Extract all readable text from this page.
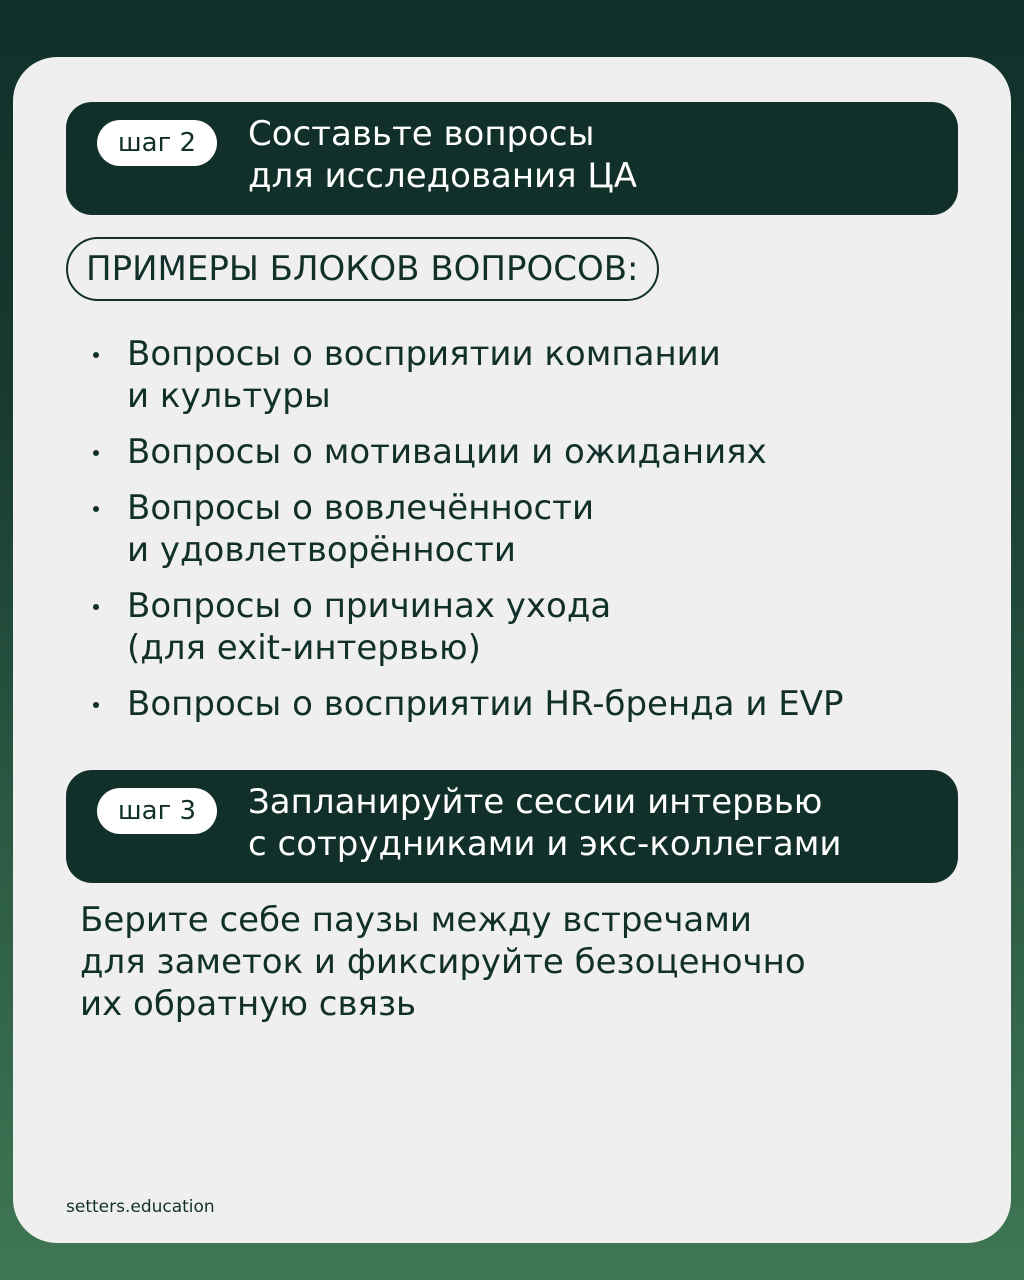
шаг 2	Составьте вопросы
для исследования ЦА
ПРИМЕРЫ БЛОКОВ ВОПРОСОВ:
Вопросы о восприятии компании
и культуры
Вопросы о мотивации и ожиданиях
Вопросы о вовлечённости
и удовлетворённости
Вопросы о причинах ухода
(для exit-интервью)
Вопросы о восприятии HR-бренда и EVP
шаг 3	Запланируйте сессии интервью
с сотрудниками и экс-коллегами
Берите себе паузы между встречами
для заметок и фиксируйте безоценочно
их обратную связь
setters.education
